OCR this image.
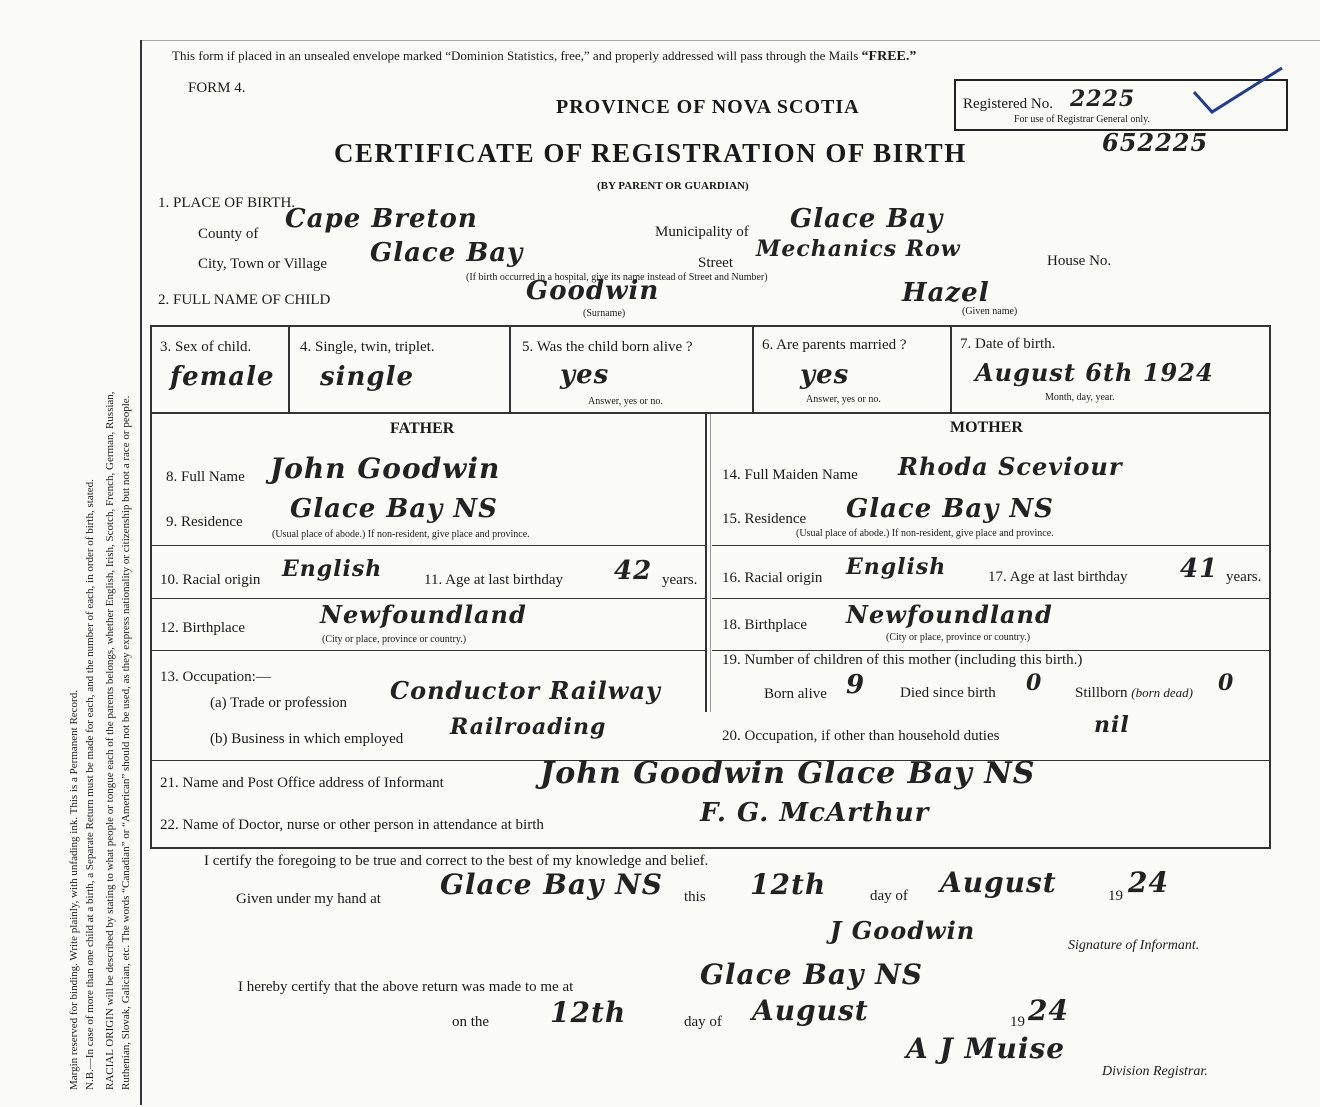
Margin reserved for binding. Write plainly, with unfading ink. This is a Permanent Record. N.B.—In case of more than one child at a birth, a Separate Return must be made for each, and the number of each, in order of birth, stated. RACIAL ORIGIN will be described by stating to what people or tongue each of the parents belongs, whether English, Irish, Scotch, French, German, Russian, Ruthenian, Slovak, Galician, etc. The words “Canadian” or “American” should not be used, as they express nationality or citizenship but not a race or people.
This form if placed in an unsealed envelope marked “Dominion Statistics, free,” and properly addressed will pass through the Mails “FREE.”
FORM 4.
PROVINCE OF NOVA SCOTIA
CERTIFICATE OF REGISTRATION OF BIRTH
(BY PARENT OR GUARDIAN)
Registered No. 2225
For use of Registrar General only.
652225
1. PLACE OF BIRTH.
County of Cape Breton	Municipality of Glace Bay
City, Town or Village Glace Bay	Street
Mechanics Row	House No.
(If birth occurred in a hospital, give its name instead of Street and Number)
2. FULL NAME OF CHILD	Goodwin
(Surname)
Hazel
(Given name)
3. Sex of child.
female
4. Single, twin, triplet.
single
5. Was the child born alive ?
yes
Answer, yes or no.
6. Are parents married ?
yes
Answer, yes or no.
7. Date of birth.
August 6th 1924
Month, day, year.
FATHER
8. Full Name John Goodwin
9. Residence Glace Bay NS
(Usual place of abode.) If non-resident, give place and province.
10. Racial origin English	11. Age at last birthday 42 years.
12. Birthplace	Newfoundland
(City or place, province or country.)
13. Occupation:—
(a) Trade or profession Conductor Railway
(b) Business in which employed Railroading
MOTHER
14. Full Maiden Name Rhoda Sceviour
15. Residence Glace Bay NS
(Usual place of abode.) If non-resident, give place and province.
16. Racial origin English	17. Age at last birthday 41 years.
18. Birthplace Newfoundland
(City or place, province or country.)
19. Number of children of this mother (including this birth.)
Born alive 9 Died since birth 0 Stillborn (born dead) 0
20. Occupation, if other than household duties	nil
21. Name and Post Office address of Informant	John Goodwin Glace Bay NS
22. Name of Doctor, nurse or other person in attendance at birth	F. G. McArthur
I certify the foregoing to be true and correct to the best of my knowledge and belief.
Given under my hand at Glace Bay NS this 12th	day of August	19 24
J Goodwin
Signature of Informant.
I hereby certify that the above return was made to me at	Glace Bay NS
on the 12th	day of August	19 24
A J Muise
Division Registrar.
